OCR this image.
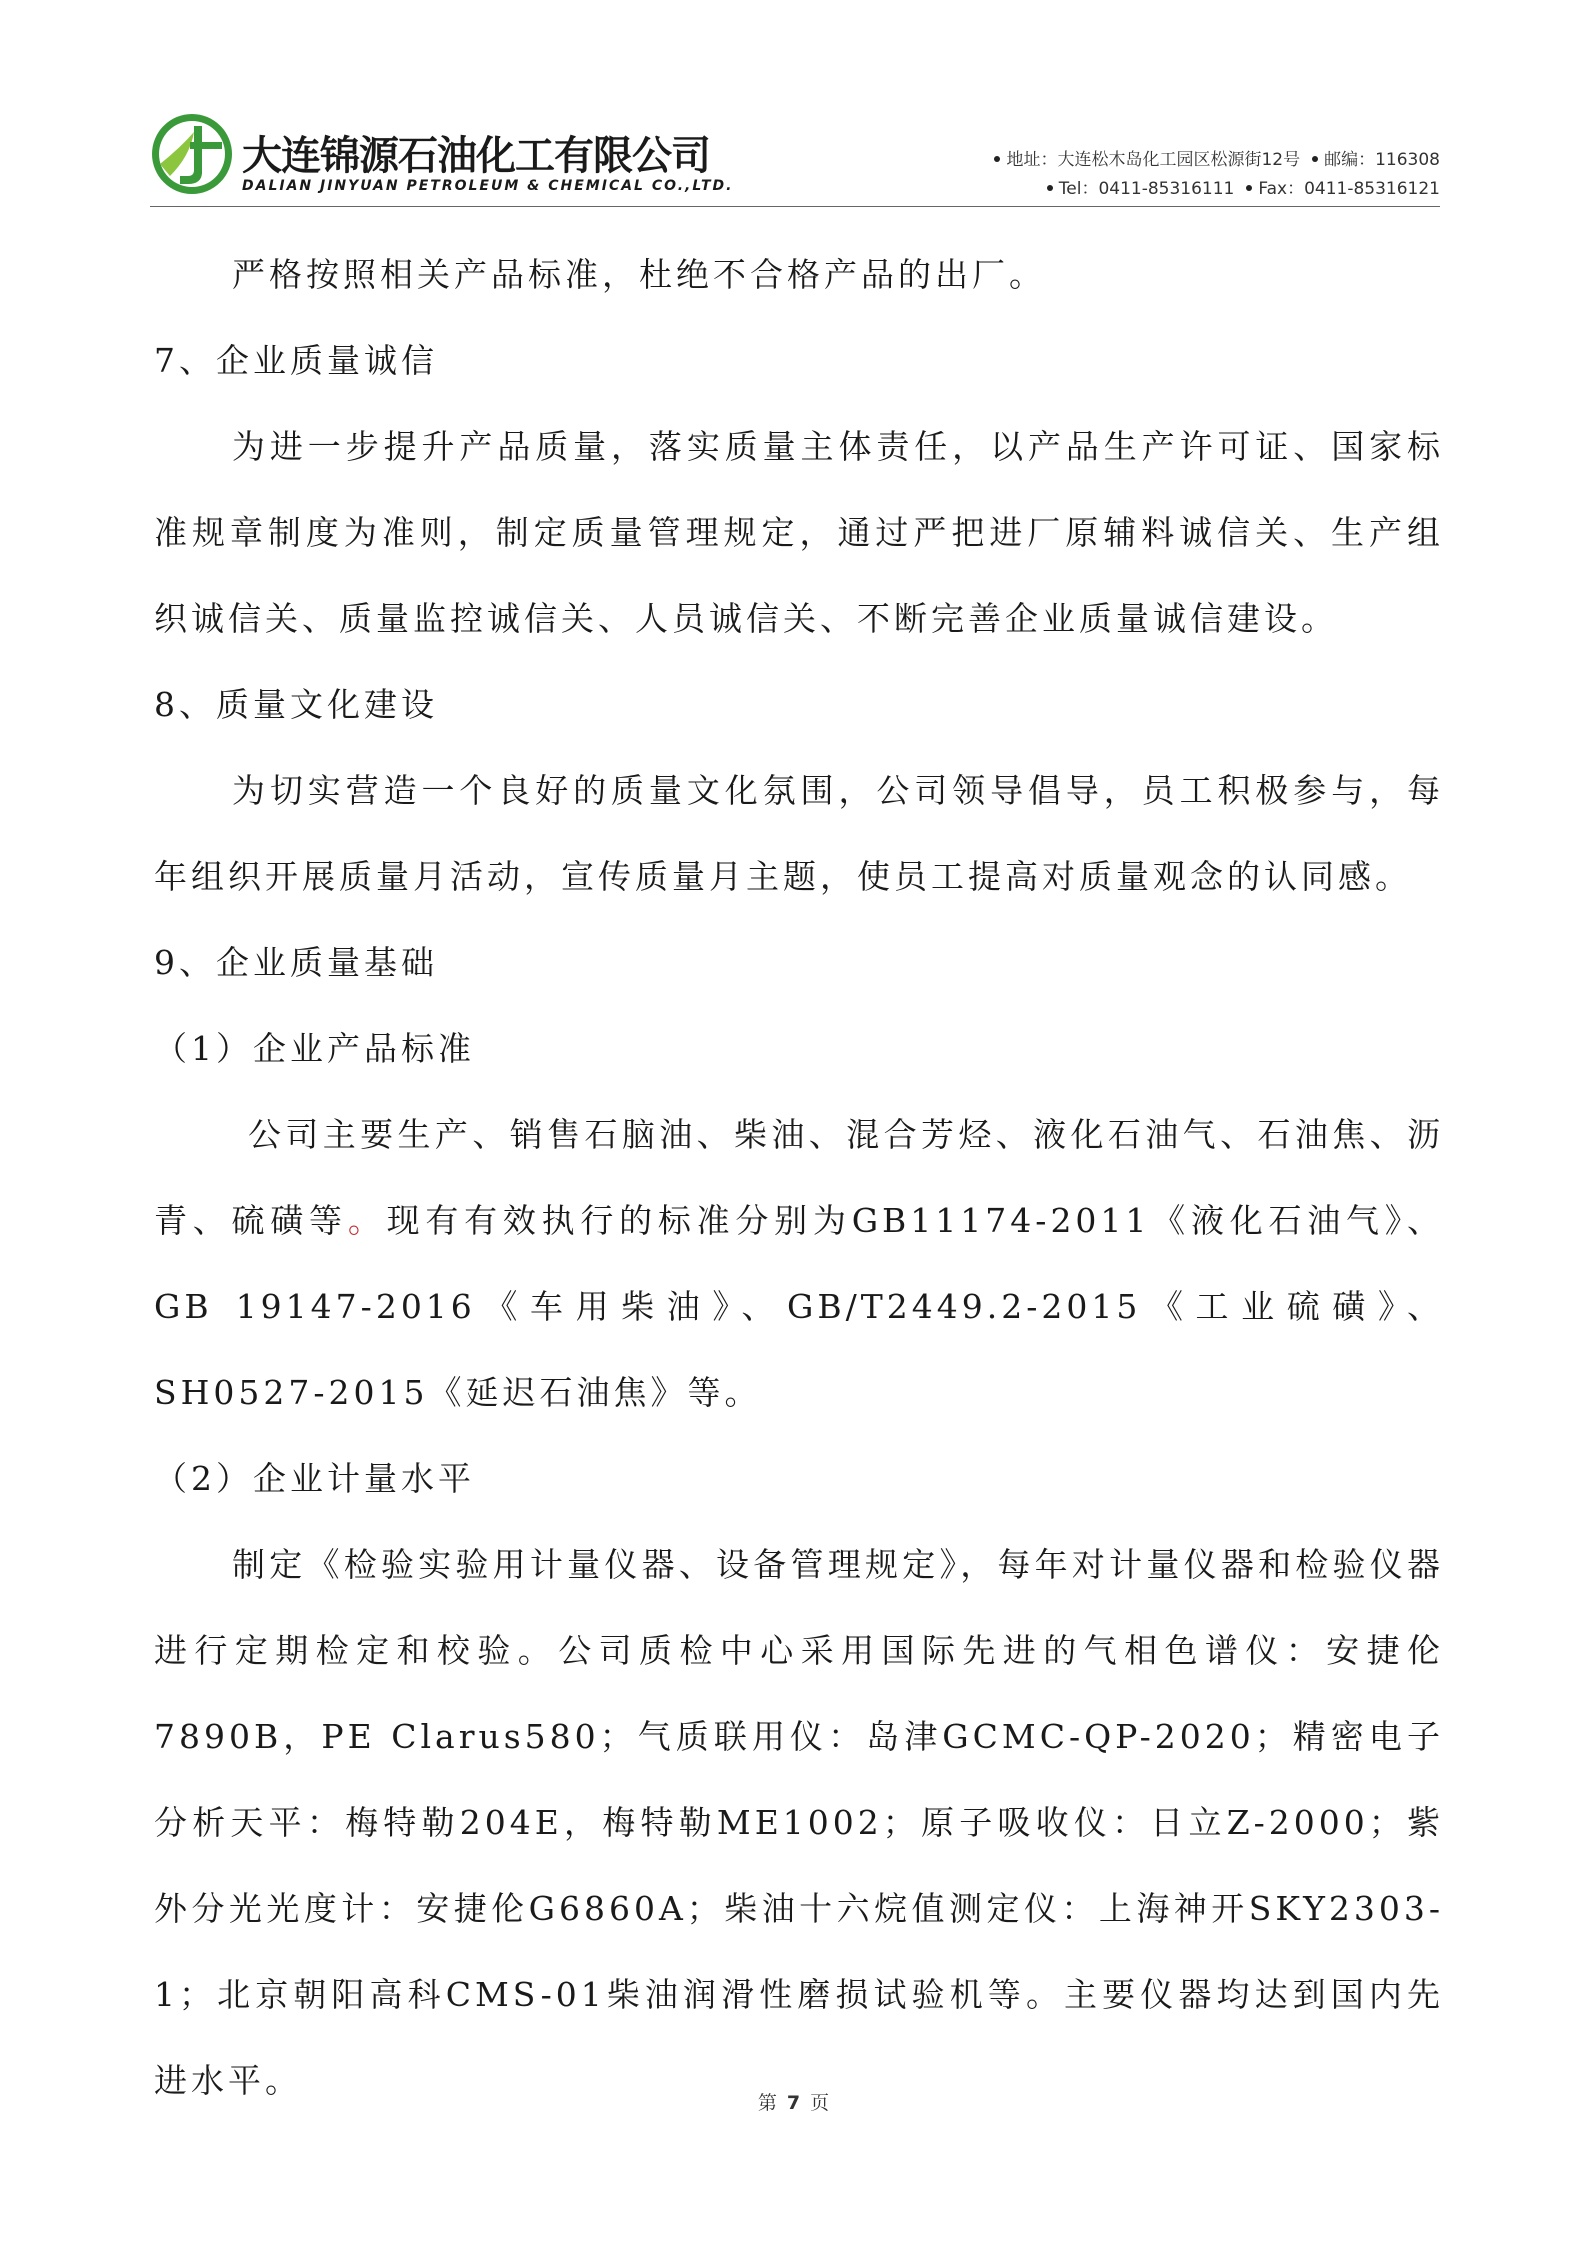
大连锦源石油化工有限公司
DALIAN JINYUAN PETROLEUM & CHEMICAL CO.,LTD.
地址：大连松木岛化工园区松源街12号 邮编：116308
Tel：0411-85316111 Fax：0411-85316121

严格按照相关产品标准，杜绝不合格产品的出厂。

7、企业质量诚信

为进一步提升产品质量，落实质量主体责任，以产品生产许可证、国家标准规章制度为准则，制定质量管理规定，通过严把进厂原辅料诚信关、生产组织诚信关、质量监控诚信关、人员诚信关、不断完善企业质量诚信建设。

8、质量文化建设

为切实营造一个良好的质量文化氛围，公司领导倡导，员工积极参与，每年组织开展质量月活动，宣传质量月主题，使员工提高对质量观念的认同感。

9、企业质量基础

（1）企业产品标准

公司主要生产、销售石脑油、柴油、混合芳烃、液化石油气、石油焦、沥青、硫磺等。现有有效执行的标准分别为GB11174-2011《液化石油气》、GB 19147-2016《车用柴油》、GB/T2449.2-2015《工业硫磺》、SH0527-2015《延迟石油焦》等。

（2）企业计量水平

制定《检验实验用计量仪器、设备管理规定》，每年对计量仪器和检验仪器进行定期检定和校验。公司质检中心采用国际先进的气相色谱仪：安捷伦7890B，PE Clarus580；气质联用仪：岛津GCMC-QP-2020；精密电子分析天平：梅特勒204E，梅特勒ME1002；原子吸收仪：日立Z-2000；紫外分光光度计：安捷伦G6860A；柴油十六烷值测定仪：上海神开SKY2303-1；北京朝阳高科CMS-01柴油润滑性磨损试验机等。主要仪器均达到国内先进水平。

第 7 页
